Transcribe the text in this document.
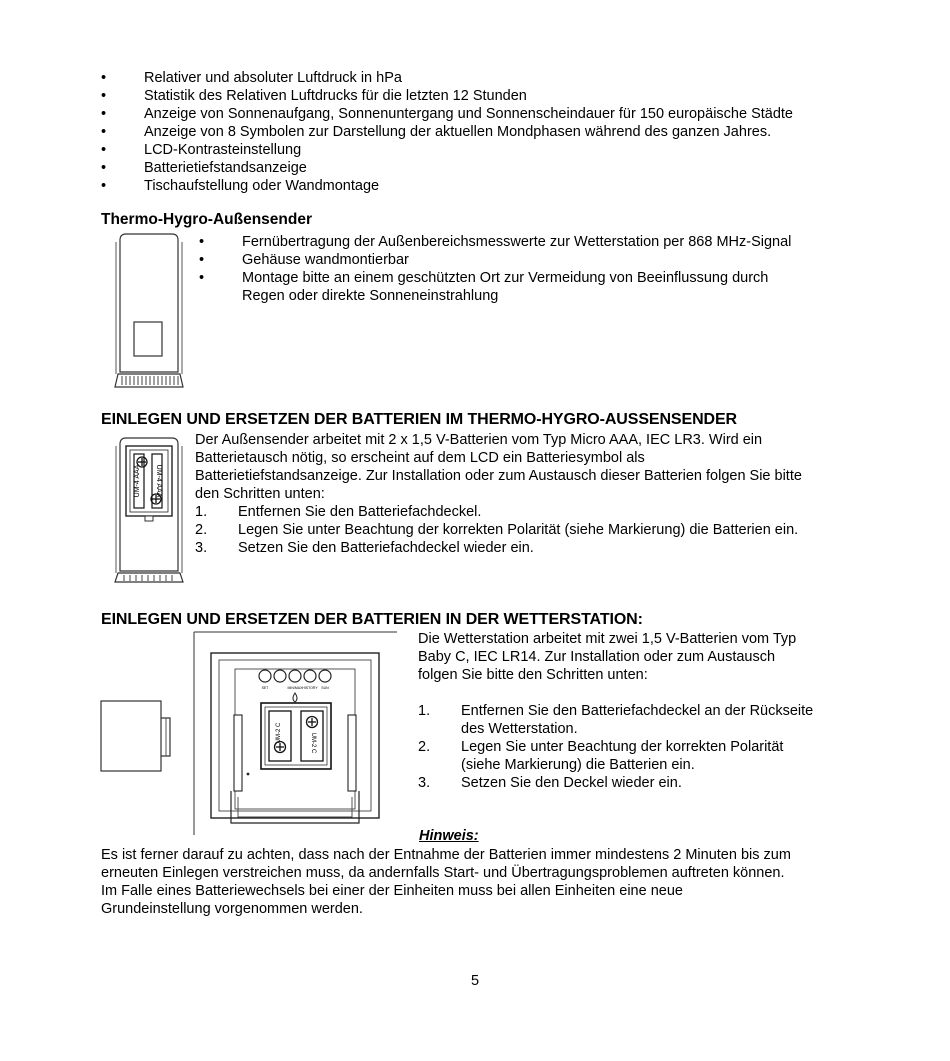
•	Relativer und absoluter Luftdruck in hPa
•	Statistik des Relativen Luftdrucks für die letzten 12 Stunden
•	Anzeige von Sonnenaufgang, Sonnenuntergang und Sonnenscheindauer für 150 europäische Städte
•	Anzeige von 8 Symbolen zur Darstellung der aktuellen Mondphasen während des ganzen Jahres.
•	LCD-Kontrasteinstellung
•	Batterietiefstandsanzeige
•	Tischaufstellung oder Wandmontage
Thermo-Hygro-Außensender
•	Fernübertragung der Außenbereichsmesswerte zur Wetterstation per 868 MHz-Signal
•	Gehäuse wandmontierbar
•	Montage bitte an einem geschützten Ort zur Vermeidung von Beeinflussung durch
Regen oder direkte Sonneneinstrahlung
EINLEGEN UND ERSETZEN DER BATTERIEN IM THERMO-HYGRO-AUSSENSENDER
UM-4 AAA UM-4 AAA
Der Außensender arbeitet mit 2 x 1,5 V-Batterien vom Typ Micro AAA, IEC LR3. Wird ein
Batterietausch nötig, so erscheint auf dem LCD ein Batteriesymbol als
Batterietiefstandsanzeige. Zur Installation oder zum Austausch dieser Batterien folgen Sie bitte
den Schritten unten:
1. Entfernen Sie den Batteriefachdeckel.
2. Legen Sie unter Beachtung der korrekten Polarität (siehe Markierung) die Batterien ein.
3. Setzen Sie den Batteriefachdeckel wieder ein.
EINLEGEN UND ERSETZEN DER BATTERIEN IN DER WETTERSTATION:
SET	MIN/MAX HISTORY SUN
UM-2 C	UM-2 C
Die Wetterstation arbeitet mit zwei 1,5 V-Batterien vom Typ
Baby C, IEC LR14. Zur Installation oder zum Austausch
folgen Sie bitte den Schritten unten:
1. Entfernen Sie den Batteriefachdeckel an der Rückseite
des Wetterstation.
2. Legen Sie unter Beachtung der korrekten Polarität
(siehe Markierung) die Batterien ein.
3. Setzen Sie den Deckel wieder ein.
Hinweis:
Es ist ferner darauf zu achten, dass nach der Entnahme der Batterien immer mindestens 2 Minuten bis zum
erneuten Einlegen verstreichen muss, da andernfalls Start- und Übertragungsproblemen auftreten können.
Im Falle eines Batteriewechsels bei einer der Einheiten muss bei allen Einheiten eine neue
Grundeinstellung vorgenommen werden.
5
